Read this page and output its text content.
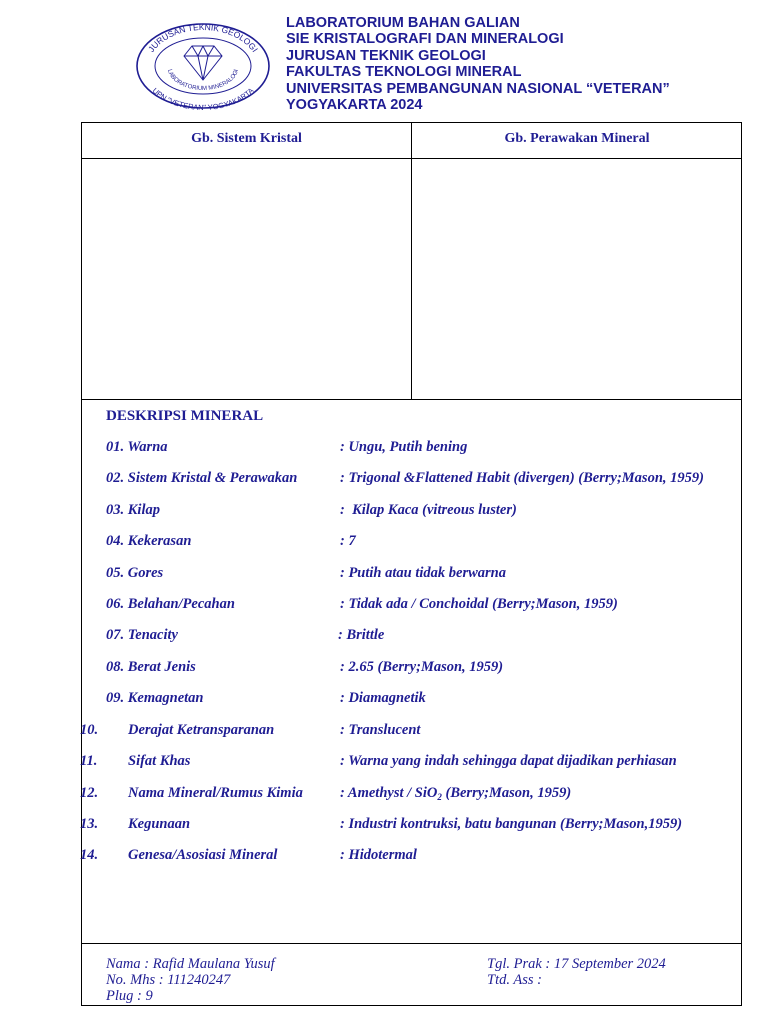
JURUSAN TEKNIK GEOLOGI
LABORATORIUM MINERALOGI
UPN "VETERAN" YOGYAKARTA
LABORATORIUM BAHAN GALIAN
SIE KRISTALOGRAFI DAN MINERALOGI
JURUSAN TEKNIK GEOLOGI
FAKULTAS TEKNOLOGI MINERAL
UNIVERSITAS PEMBANGUNAN NASIONAL “VETERAN”
YOGYAKARTA 2024
Gb. Sistem Kristal	Gb. Perawakan Mineral
DESKRIPSI MINERAL
01. Warna	: Ungu, Putih bening
02. Sistem Kristal & Perawakan	: Trigonal &Flattened Habit (divergen) (Berry;Mason, 1959)
03. Kilap	:  Kilap Kaca (vitreous luster)
04. Kekerasan	: 7
05. Gores	: Putih atau tidak berwarna
06. Belahan/Pecahan	: Tidak ada / Conchoidal (Berry;Mason, 1959)
07. Tenacity	: Brittle
08. Berat Jenis	: 2.65 (Berry;Mason, 1959)
09. Kemagnetan	: Diamagnetik
10. Derajat Ketransparanan	: Translucent
11. Sifat Khas	: Warna yang indah sehingga dapat dijadikan perhiasan
12. Nama Mineral/Rumus Kimia	: Amethyst / SiO$_2$ (Berry;Mason, 1959)
13. Kegunaan	: Industri kontruksi, batu bangunan (Berry;Mason,1959)
14. Genesa/Asosiasi Mineral	: Hidotermal
Nama : Rafid Maulana Yusuf
No. Mhs : 111240247
Plug : 9
Tgl. Prak : 17 September 2024
Ttd. Ass :
